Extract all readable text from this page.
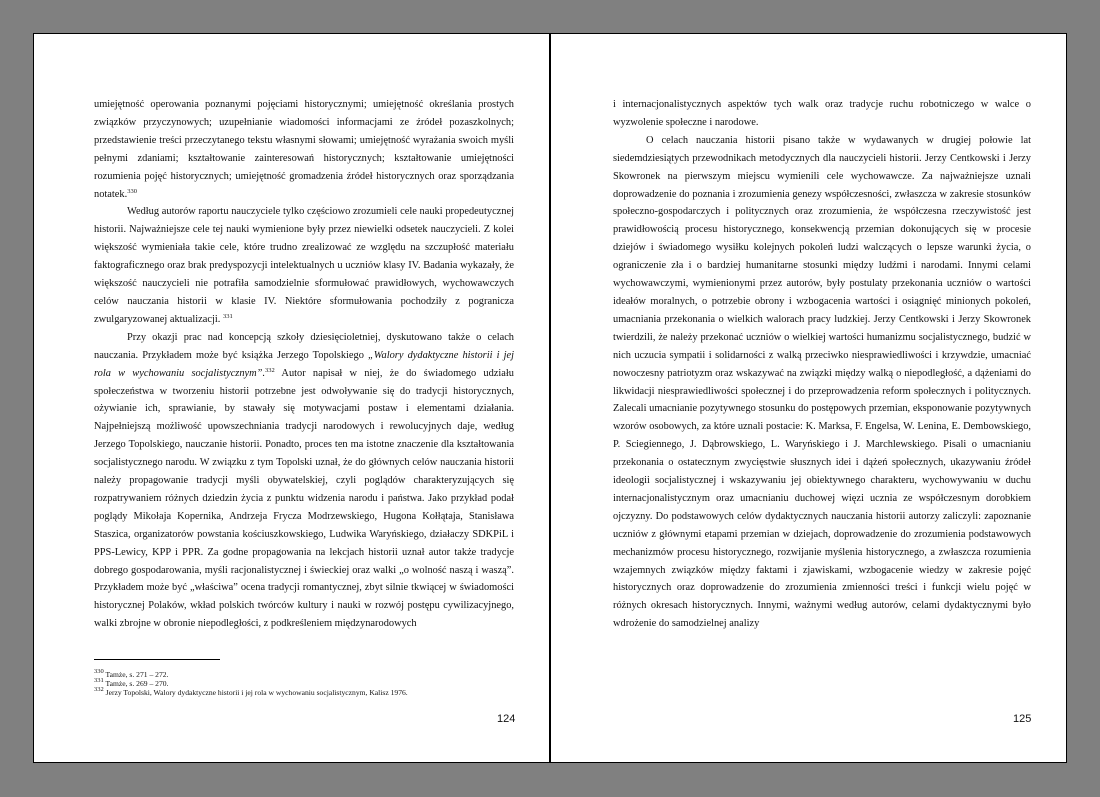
umiejętność operowania poznanymi pojęciami historycznymi; umiejętność określania prostych związków przyczynowych; uzupełnianie wiadomości informacjami ze źródeł pozaszkolnych; przedstawienie treści przeczytanego tekstu własnymi słowami; umiejętność wyrażania swoich myśli pełnymi zdaniami; kształtowanie zainteresowań historycznych; kształtowanie umiejętności rozumienia pojęć historycznych; umiejętność gromadzenia źródeł historycznych oraz sporządzania notatek.$^{330}$

Według autorów raportu nauczyciele tylko częściowo zrozumieli cele nauki propedeutycznej historii. Najważniejsze cele tej nauki wymienione były przez niewielki odsetek nauczycieli. Z kolei większość wymieniała takie cele, które trudno zrealizować ze względu na szczupłość materiału faktograficznego oraz brak predyspozycji intelektualnych u uczniów klasy IV. Badania wykazały, że większość nauczycieli nie potrafiła samodzielnie sformułować prawidłowych, wychowawczych celów nauczania historii w klasie IV. Niektóre sformułowania pochodziły z pogranicza zwulgaryzowanej aktualizacji. $^{331}$

Przy okazji prac nad koncepcją szkoły dziesięcioletniej, dyskutowano także o celach nauczania. Przykładem może być książka Jerzego Topolskiego „Walory dydaktyczne historii i jej rola w wychowaniu socjalistycznym”.$^{332}$ Autor napisał w niej, że do świadomego udziału społeczeństwa w tworzeniu historii potrzebne jest odwoływanie się do tradycji historycznych, ożywianie ich, sprawianie, by stawały się motywacjami postaw i elementami działania. Najpełniejszą możliwość upowszechniania tradycji narodowych i rewolucyjnych daje, według Jerzego Topolskiego, nauczanie historii. Ponadto, proces ten ma istotne znaczenie dla kształtowania socjalistycznego narodu. W związku z tym Topolski uznał, że do głównych celów nauczania historii należy propagowanie tradycji myśli obywatelskiej, czyli poglądów charakteryzujących się rozpatrywaniem różnych dziedzin życia z punktu widzenia narodu i państwa. Jako przykład podał poglądy Mikołaja Kopernika, Andrzeja Frycza Modrzewskiego, Hugona Kołłątaja, Stanisława Staszica, organizatorów powstania kościuszkowskiego, Ludwika Waryńskiego, działaczy SDKPiL i PPS-Lewicy, KPP i PPR. Za godne propagowania na lekcjach historii uznał autor także tradycje dobrego gospodarowania, myśli racjonalistycznej i świeckiej oraz walki „o wolność naszą i waszą”. Przykładem może być „właściwa” ocena tradycji romantycznej, zbyt silnie tkwiącej w świadomości historycznej Polaków, wkład polskich twórców kultury i nauki w rozwój postępu cywilizacyjnego, walki zbrojne w obronie niepodległości, z podkreśleniem międzynarodowych

$^{330}$ Tamże, s. 271 – 272.
$^{331}$ Tamże, s. 269 – 270.
$^{332}$ Jerzy Topolski, Walory dydaktyczne historii i jej rola w wychowaniu socjalistycznym, Kalisz 1976.
124

i internacjonalistycznych aspektów tych walk oraz tradycje ruchu robotniczego w walce o wyzwolenie społeczne i narodowe.

O celach nauczania historii pisano także w wydawanych w drugiej połowie lat siedemdziesiątych przewodnikach metodycznych dla nauczycieli historii. Jerzy Centkowski i Jerzy Skowronek na pierwszym miejscu wymienili cele wychowawcze. Za najważniejsze uznali doprowadzenie do poznania i zrozumienia genezy współczesności, zwłaszcza w zakresie stosunków społeczno-gospodarczych i politycznych oraz zrozumienia, że współczesna rzeczywistość jest prawidłowością procesu historycznego, konsekwencją przemian dokonujących się w procesie dziejów i świadomego wysiłku kolejnych pokoleń ludzi walczących o lepsze warunki życia, o ograniczenie zła i o bardziej humanitarne stosunki między ludźmi i narodami. Innymi celami wychowawczymi, wymienionymi przez autorów, były postulaty przekonania uczniów o wartości ideałów moralnych, o potrzebie obrony i wzbogacenia wartości i osiągnięć minionych pokoleń, umacniania przekonania o wielkich walorach pracy ludzkiej. Jerzy Centkowski i Jerzy Skowronek twierdzili, że należy przekonać uczniów o wielkiej wartości humanizmu socjalistycznego, budzić w nich uczucia sympatii i solidarności z walką przeciwko niesprawiedliwości i krzywdzie, umacniać nowoczesny patriotyzm oraz wskazywać na związki między walką o niepodległość, a dążeniami do likwidacji niesprawiedliwości społecznej i do przeprowadzenia reform społecznych i politycznych. Zalecali umacnianie pozytywnego stosunku do postępowych przemian, eksponowanie pozytywnych wzorów osobowych, za które uznali postacie: K. Marksa, F. Engelsa, W. Lenina, E. Dembowskiego, P. Sciegiennego, J. Dąbrowskiego, L. Waryńskiego i J. Marchlewskiego. Pisali o umacnianiu przekonania o ostatecznym zwycięstwie słusznych idei i dążeń społecznych, ukazywaniu źródeł ideologii socjalistycznej i wskazywaniu jej obiektywnego charakteru, wychowywaniu w duchu internacjonalistycznym oraz umacnianiu duchowej więzi ucznia ze współczesnym dorobkiem ojczyzny. Do podstawowych celów dydaktycznych nauczania historii autorzy zaliczyli: zapoznanie uczniów z głównymi etapami przemian w dziejach, doprowadzenie do zrozumienia podstawowych mechanizmów procesu historycznego, rozwijanie myślenia historycznego, a zwłaszcza rozumienia wzajemnych związków między faktami i zjawiskami, wzbogacenie wiedzy w zakresie pojęć historycznych oraz doprowadzenie do zrozumienia zmienności treści i funkcji wielu pojęć w różnych okresach historycznych. Innymi, ważnymi według autorów, celami dydaktycznymi było wdrożenie do samodzielnej analizy

125
